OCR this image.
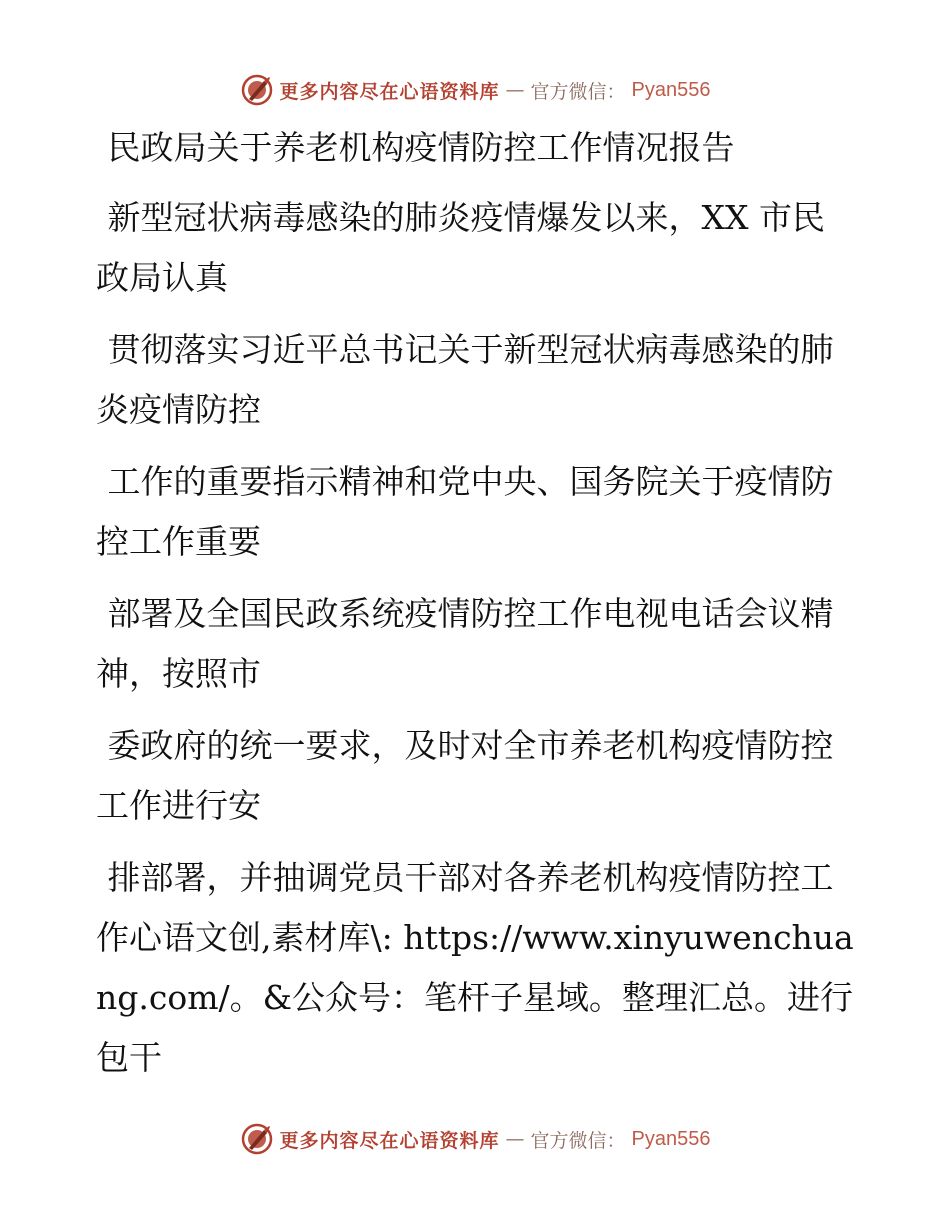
更多内容尽在心语资料库 — 官方微信： Pyan556

民政局关于养老机构疫情防控工作情况报告

新型冠状病毒感染的肺炎疫情爆发以来，XX 市民政局认真

贯彻落实习近平总书记关于新型冠状病毒感染的肺炎疫情防控

工作的重要指示精神和党中央、国务院关于疫情防控工作重要

部署及全国民政系统疫情防控工作电视电话会议精神，按照市

委政府的统一要求，及时对全市养老机构疫情防控工作进行安

排部署，并抽调党员干部对各养老机构疫情防控工作心语文创,素材库\: https://www.xinyuwenchuang.com/。&公众号：笔杆子星域。整理汇总。进行包干

更多内容尽在心语资料库 — 官方微信： Pyan556
